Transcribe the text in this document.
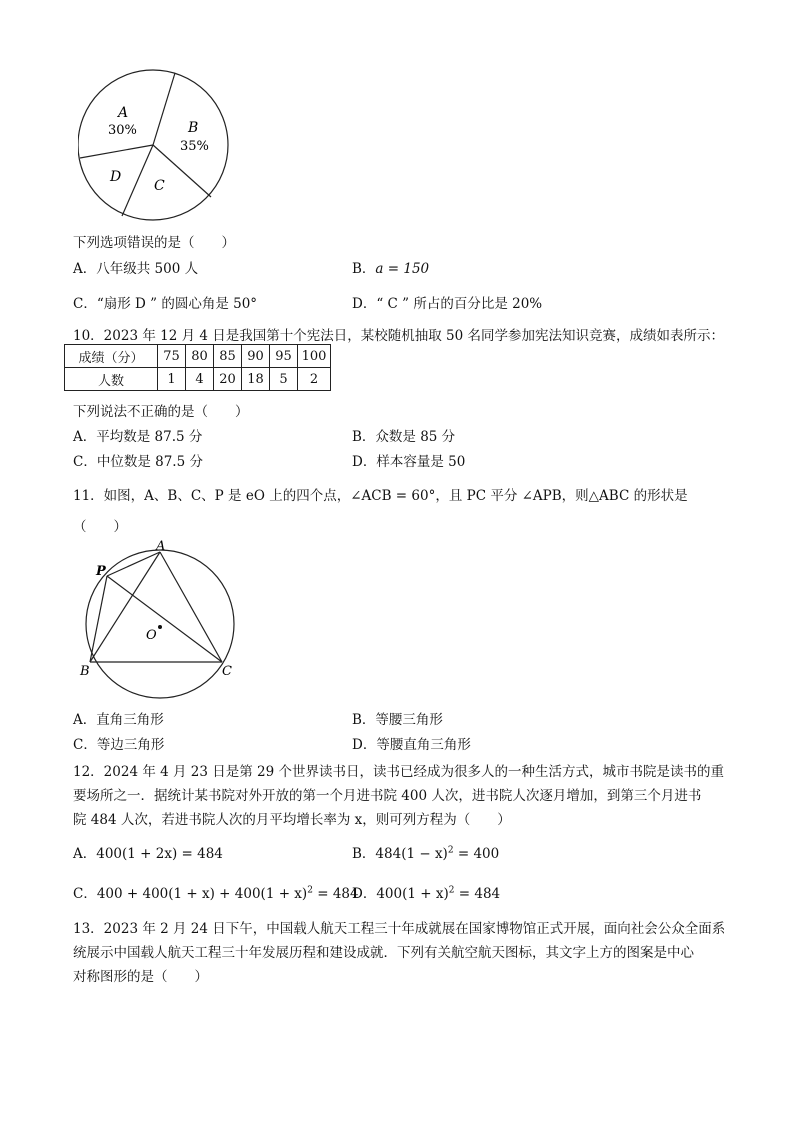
A
30%	B
35%
C
D
下列选项错误的是（　　）
A．八年级共 500 人	B．a = 150
C．“扇形 D ” 的圆心角是 50°	D．“ C ” 所占的百分比是 20%
10．2023 年 12 月 4 日是我国第十个宪法日，某校随机抽取 50 名同学参加宪法知识竞赛，成绩如表所示：
成绩（分）	75	80	85	90	95	100
人数	1	4	20	18	5	2
下列说法不正确的是（　　）
A．平均数是 87.5 分	B．众数是 85 分
C．中位数是 87.5 分	D．样本容量是 50
11．如图，A、B、C、P 是 eO 上的四个点，∠ACB = 60°，且 PC 平分 ∠APB，则△ABC 的形状是
（　　）
A
P
O
B	C
A．直角三角形	B．等腰三角形
C．等边三角形	D．等腰直角三角形
12．2024 年 4 月 23 日是第 29 个世界读书日，读书已经成为很多人的一种生活方式，城市书院是读书的重
要场所之一．据统计某书院对外开放的第一个月进书院 400 人次，进书院人次逐月增加，到第三个月进书
院 484 人次，若进书院人次的月平均增长率为 x，则可列方程为（　　）
A．400(1 + 2x) = 484	B．$484(1 - x)^2 = 400$
C．$400 + 400(1 + x) + 400(1 + x)^2 = 484$
D．$400(1 + x)^2 = 484$
13．2023 年 2 月 24 日下午，中国载人航天工程三十年成就展在国家博物馆正式开展，面向社会公众全面系
统展示中国载人航天工程三十年发展历程和建设成就．下列有关航空航天图标，其文字上方的图案是中心
对称图形的是（　　）
